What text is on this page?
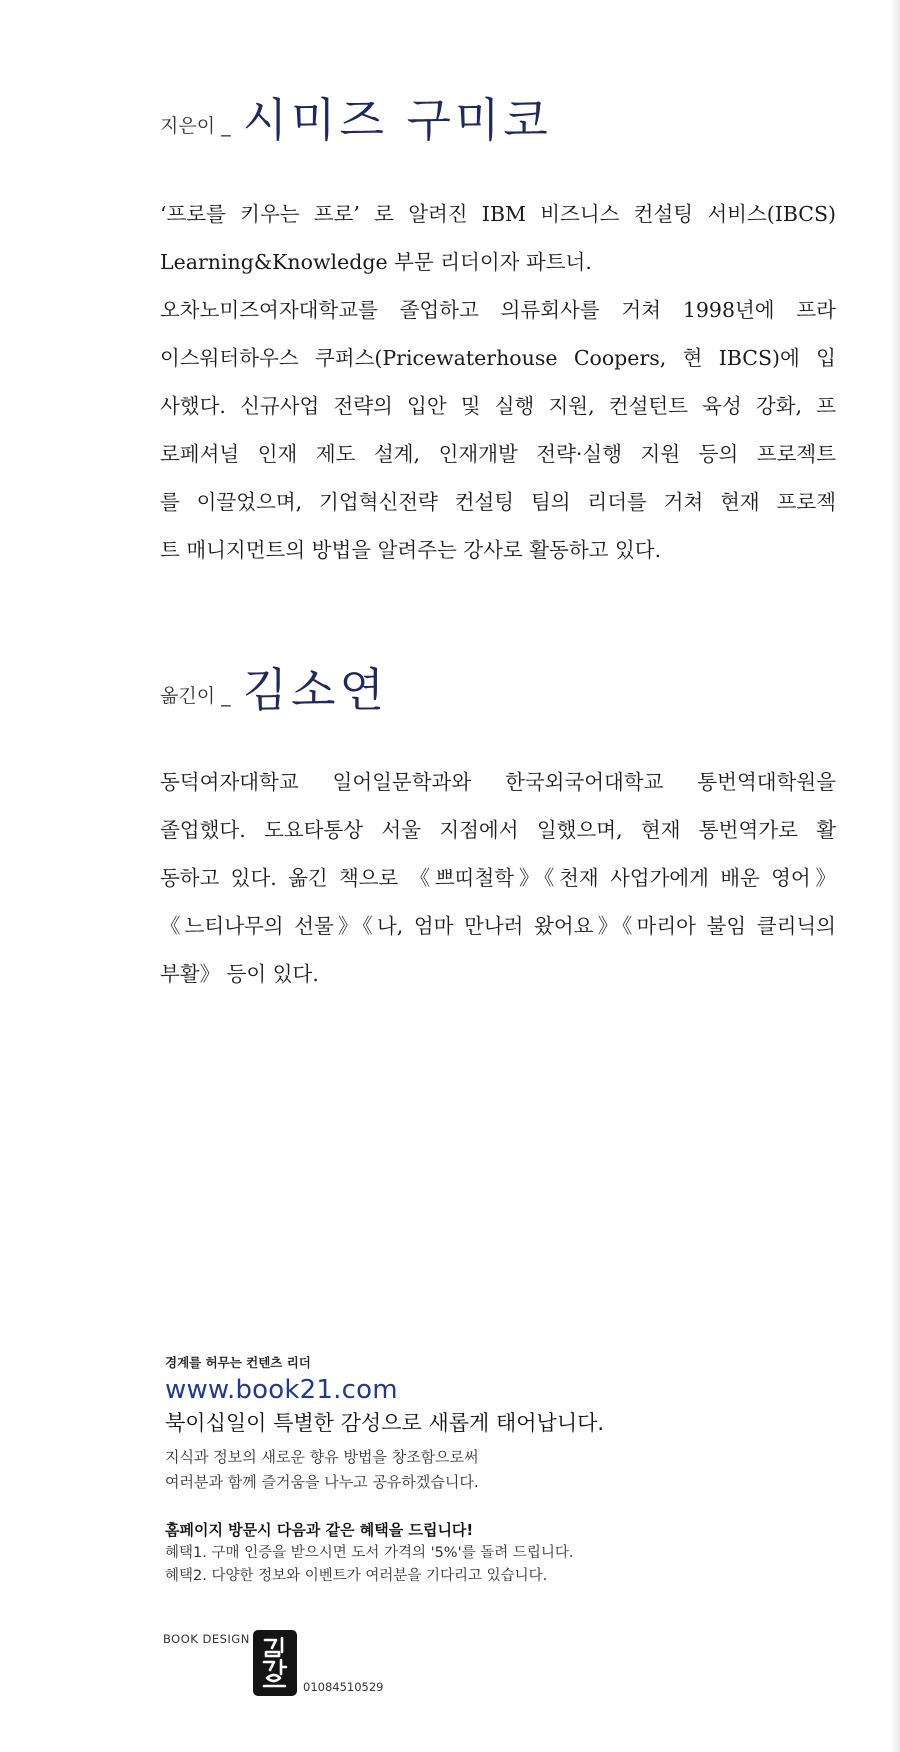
지은이 _ 시미즈 구미코

‘프로를 키우는 프로’ 로 알려진 IBM 비즈니스 컨설팅 서비스(IBCS)

Learning&Knowledge 부문 리더이자 파트너.

오차노미즈여자대학교를 졸업하고 의류회사를 거쳐 1998년에 프라

이스워터하우스 쿠퍼스(Pricewaterhouse Coopers, 현 IBCS)에 입

사했다. 신규사업 전략의 입안 및 실행 지원, 컨설턴트 육성 강화, 프

로페셔널 인재 제도 설계, 인재개발 전략·실행 지원 등의 프로젝트

를 이끌었으며, 기업혁신전략 컨설팅 팀의 리더를 거쳐 현재 프로젝

트 매니지먼트의 방법을 알려주는 강사로 활동하고 있다.

옮긴이 _ 김소연

동덕여자대학교 일어일문학과와 한국외국어대학교 통번역대학원을

졸업했다. 도요타통상 서울 지점에서 일했으며, 현재 통번역가로 활

동하고 있다. 옮긴 책으로 《쁘띠철학》《천재 사업가에게 배운 영어》

《느티나무의 선물》《나, 엄마 만나러 왔어요》《마리아 불임 클리닉의

부활》 등이 있다.

경계를 허무는 컨텐츠 리더

www.book21.com

북이십일이 특별한 감성으로 새롭게 태어납니다.

지식과 정보의 새로운 향유 방법을 창조함으로써

여러분과 함께 즐거움을 나누고 공유하겠습니다.

홈페이지 방문시 다음과 같은 혜택을 드립니다!

혜택1. 구매 인증을 받으시면 도서 가격의 '5%'를 돌려 드립니다.

혜택2. 다양한 정보와 이벤트가 여러분을 기다리고 있습니다.

BOOK DESIGN
01084510529
